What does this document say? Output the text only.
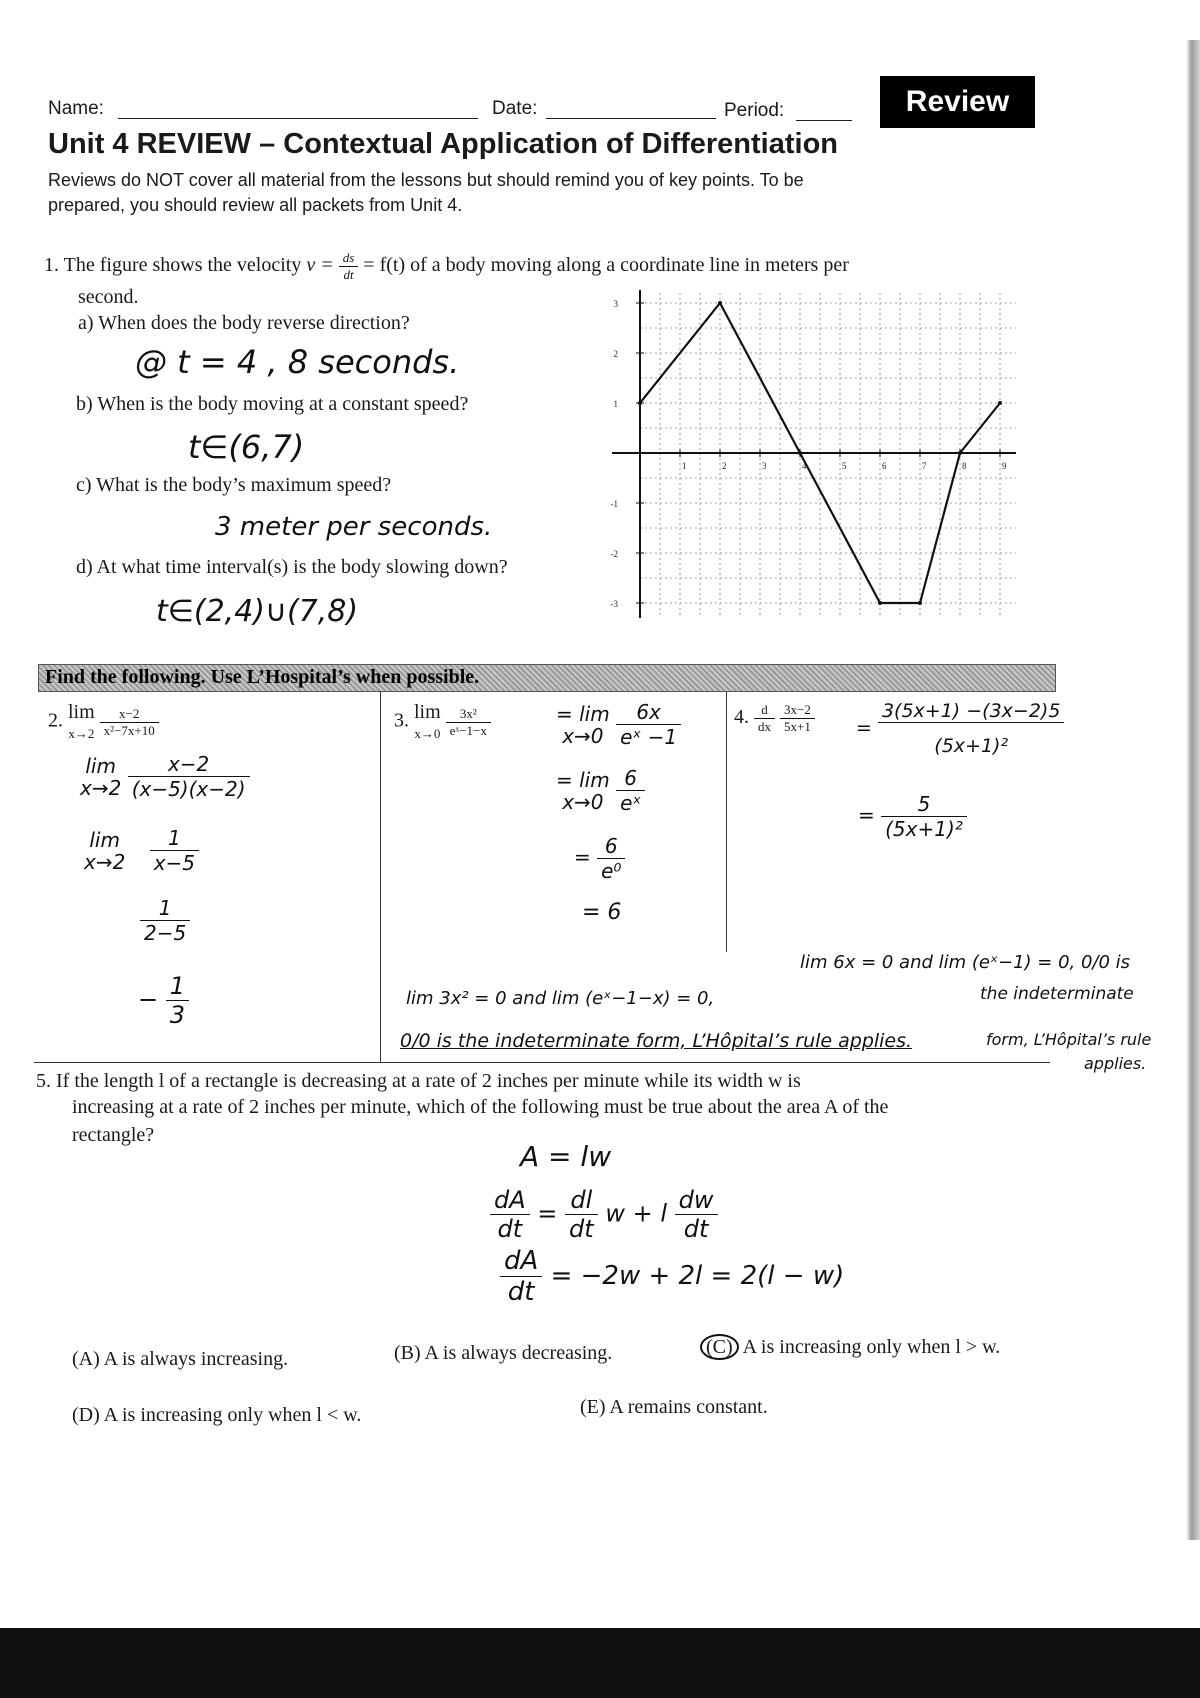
Name:	Date:	Period:	Review
Unit 4 REVIEW – Contextual Application of Differentiation
Reviews do NOT cover all material from the lessons but should remind you of key points. To be
prepared, you should review all packets from Unit 4.
1. The figure shows the velocity $v = \frac{ds}{dt} = f(t)$ of a body moving along a coordinate line in meters per
second.
a) When does the body reverse direction?
@ t = 4 , 8 seconds.
b) When is the body moving at a constant speed?
t∈(6,7)
c) What is the body’s maximum speed?
3 meter per seconds.
d) At what time interval(s) is the body slowing down?
t∈(2,4)∪(7,8)
1	2	3	4	5	6	7	8	9
3
2
1
-1
-2
-3
Find the following. Use L’Hospital’s when possible.
2. lim
$x\to 2 \frac{x-2}{\text{x²−7x+10}}$
lim
$x\to 2 \frac{x-2}{(x-5)(x-2)}$
lim
$x\to 2 \frac{1}{x-5}$
$\frac{1}{2-5}$
− $\frac{1}{3}$
3. lim
$x\to 0 \frac{\text{3x²}}{\text{eˣ−1−x}}$	= lim
$x\to 0 \frac{6x}{\text{eˣ −1}}$
= lim
$x\to 0 \frac{6}{\text{eˣ}}$
= $\frac{6}{\text{e⁰}}$
= 6
lim 3x² = 0 and lim (eˣ−1−x) = 0,
0/0 is the indeterminate form, L’Hôpital’s rule applies.
4. $\frac{d}{dx}$
$\frac{3x-2}{5x+1} = \frac{3(5x+1) -(3x-2)5}{\text{(5x+1)²}}$
= $\frac{5}{\text{(5x+1)²}}$
lim 6x = 0 and lim (eˣ−1) = 0, 0/0 is
the indeterminate
form, L’Hôpital’s rule
applies.
5. If the length l of a rectangle is decreasing at a rate of 2 inches per minute while its width w is
increasing at a rate of 2 inches per minute, which of the following must be true about the area A of the
rectangle?
A = lw
$\frac{dA}{dt} = \frac{dl}{dt}$ w + l $\frac{dw}{dt}$
$\frac{dA}{dt} = -2w + 2l = 2(l - w)$
(A) A is always increasing.	(B) A is always decreasing.	(C) A is increasing only when l > w.
(D) A is increasing only when l < w.	(E) A remains constant.
